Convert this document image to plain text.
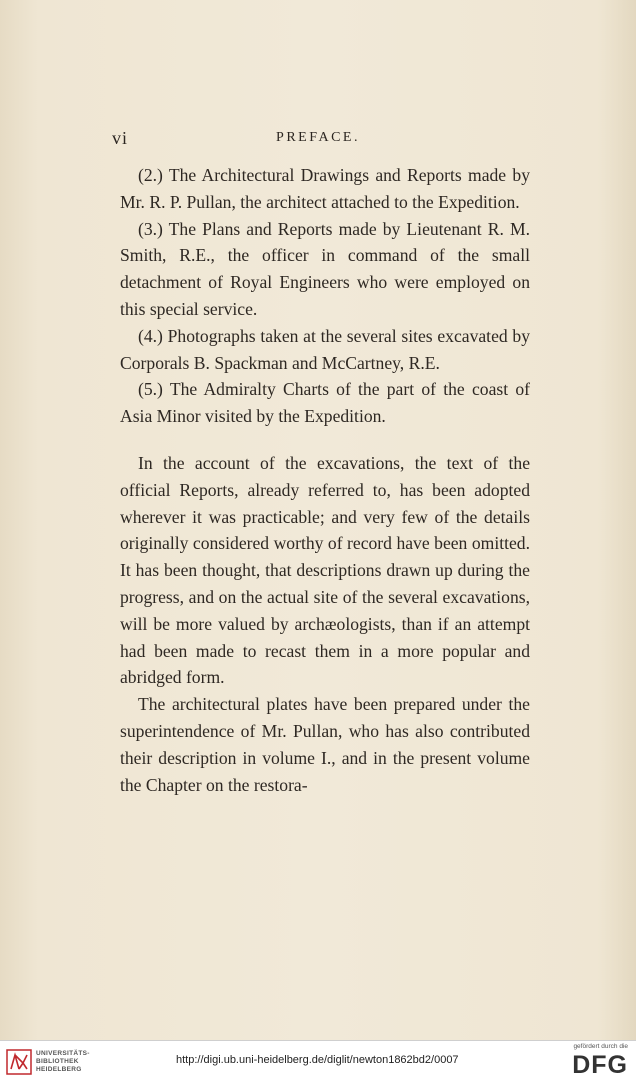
vi	PREFACE.

(2.) The Architectural Drawings and Reports made by Mr. R. P. Pullan, the architect attached to the Expedition.

(3.) The Plans and Reports made by Lieutenant R. M. Smith, R.E., the officer in command of the small detachment of Royal Engineers who were employed on this special service.

(4.) Photographs taken at the several sites excavated by Corporals B. Spackman and McCartney, R.E.

(5.) The Admiralty Charts of the part of the coast of Asia Minor visited by the Expedition.

In the account of the excavations, the text of the official Reports, already referred to, has been adopted wherever it was practicable; and very few of the details originally considered worthy of record have been omitted. It has been thought, that descriptions drawn up during the progress, and on the actual site of the several excavations, will be more valued by archæologists, than if an attempt had been made to recast them in a more popular and abridged form.

The architectural plates have been prepared under the superintendence of Mr. Pullan, who has also contributed their description in volume I., and in the present volume the Chapter on the restora-

UNIVERSITÄTS-
BIBLIOTHEK
HEIDELBERG
http://digi.ub.uni-heidelberg.de/diglit/newton1862bd2/0007
gefördert durch die
DFG
